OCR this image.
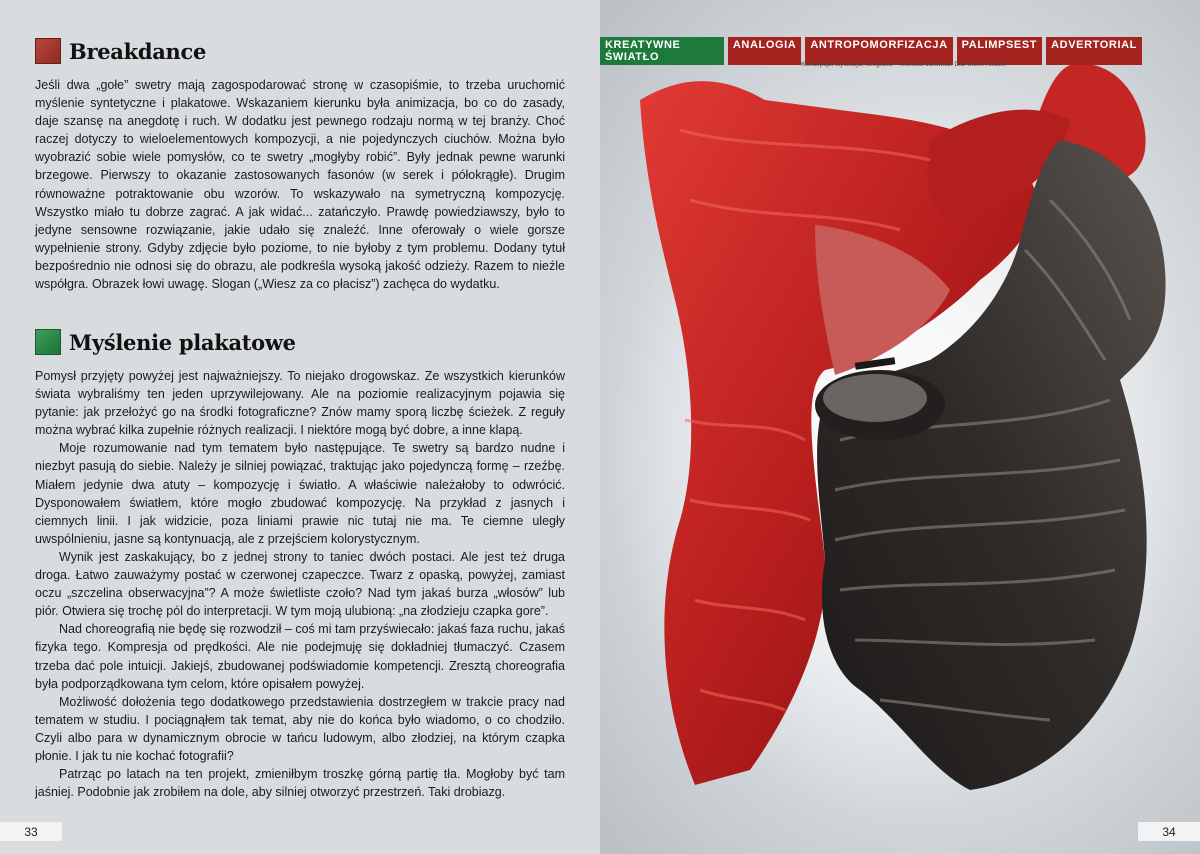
Breakdance

Jeśli dwa „gołe” swetry mają zagospodarować stronę w czasopiśmie, to trzeba uruchomić myślenie syntetyczne i plakatowe. Wskazaniem kierunku była animizacja, bo co do zasady, daje szansę na anegdotę i ruch. W dodatku jest pewnego rodzaju normą w tej branży. Choć raczej dotyczy to wieloelementowych kompozycji, a nie pojedynczych ciuchów. Można było wyobrazić sobie wiele pomysłów, co te swetry „mogłyby robić”. Były jednak pewne warunki brzegowe. Pierwszy to okazanie zastosowanych fasonów (w serek i półokrągłe). Drugim równoważne potraktowanie obu wzorów. To wskazywało na symetryczną kompozycję. Wszystko miało tu dobrze zagrać. A jak widać... zatańczyło. Prawdę powiedziawszy, było to jedyne sensowne rozwiązanie, jakie udało się znaleźć. Inne oferowały o wiele gorsze wypełnienie strony. Gdyby zdjęcie było poziome, to nie byłoby z tym problemu. Dodany tytuł bezpośrednio nie odnosi się do obrazu, ale podkreśla wysoką jakość odzieży. Razem to nieźle współgra. Obrazek łowi uwagę. Slogan („Wiesz za co płacisz”) zachęca do wydatku.

Myślenie plakatowe

Pomysł przyjęty powyżej jest najważniejszy. To niejako drogowskaz. Ze wszystkich kierunków świata wybraliśmy ten jeden uprzywilejowany. Ale na poziomie realizacyjnym pojawia się pytanie: jak przełożyć go na środki fotograficzne? Znów mamy sporą liczbę ścieżek. Z reguły można wybrać kilka zupełnie różnych realizacji. I niektóre mogą być dobre, a inne klapą.

Moje rozumowanie nad tym tematem było następujące. Te swetry są bardzo nudne i niezbyt pasują do siebie. Należy je silniej powiązać, traktując jako pojedynczą formę – rzeźbę. Miałem jedynie dwa atuty – kompozycję i światło. A właściwie należałoby to odwrócić. Dysponowałem światłem, które mogło zbudować kompozycję. Na przykład z jasnych i ciemnych linii. I jak widzicie, poza liniami prawie nic tutaj nie ma. Te ciemne uległy uwspólnieniu, jasne są kontynuacją, ale z przejściem kolorystycznym.

Wynik jest zaskakujący, bo z jednej strony to taniec dwóch postaci. Ale jest też druga droga. Łatwo zauważymy postać w czerwonej czapeczce. Twarz z opaską, powyżej, zamiast oczu „szczelina obserwacyjna”? A może świetliste czoło? Nad tym jakaś burza „włosów” lub piór. Otwiera się trochę pól do interpretacji. W tym moją ulubioną: „na złodzieju czapka gore”.

Nad choreografią nie będę się rozwodził – coś mi tam przyświecało: jakaś faza ruchu, jakaś fizyka tego. Kompresja od prędkości. Ale nie podejmuję się dokładniej tłumaczyć. Czasem trzeba dać pole intuicji. Jakiejś, zbudowanej podświadomie kompetencji. Zresztą choreografia była podporządkowana tym celom, które opisałem powyżej.

Możliwość dołożenia tego dodatkowego przedstawienia dostrzegłem w trakcie pracy nad tematem w studiu. I pociągnąłem tak temat, aby nie do końca było wiadomo, o co chodziło. Czyli albo para w dynamicznym obrocie w tańcu ludowym, albo złodziej, na którym czapka płonie. I jak tu nie kochać fotografii?

Patrząc po latach na ten projekt, zmieniłbym troszkę górną partię tła. Mogłoby być tam jaśniej. Podobnie jak zrobiłem na dole, aby silniej otworzyć przestrzeń. Taki drobiazg.

33
KREATYWNE ŚWIATŁO
ANALOGIA	ANTROPOMORFIZACJA	PALIMPSEST	ADVERTORIAL
Koncepcja, stylizacja, fotografia – Wiesław Jurewicz. Dla: Mens Health.
34
